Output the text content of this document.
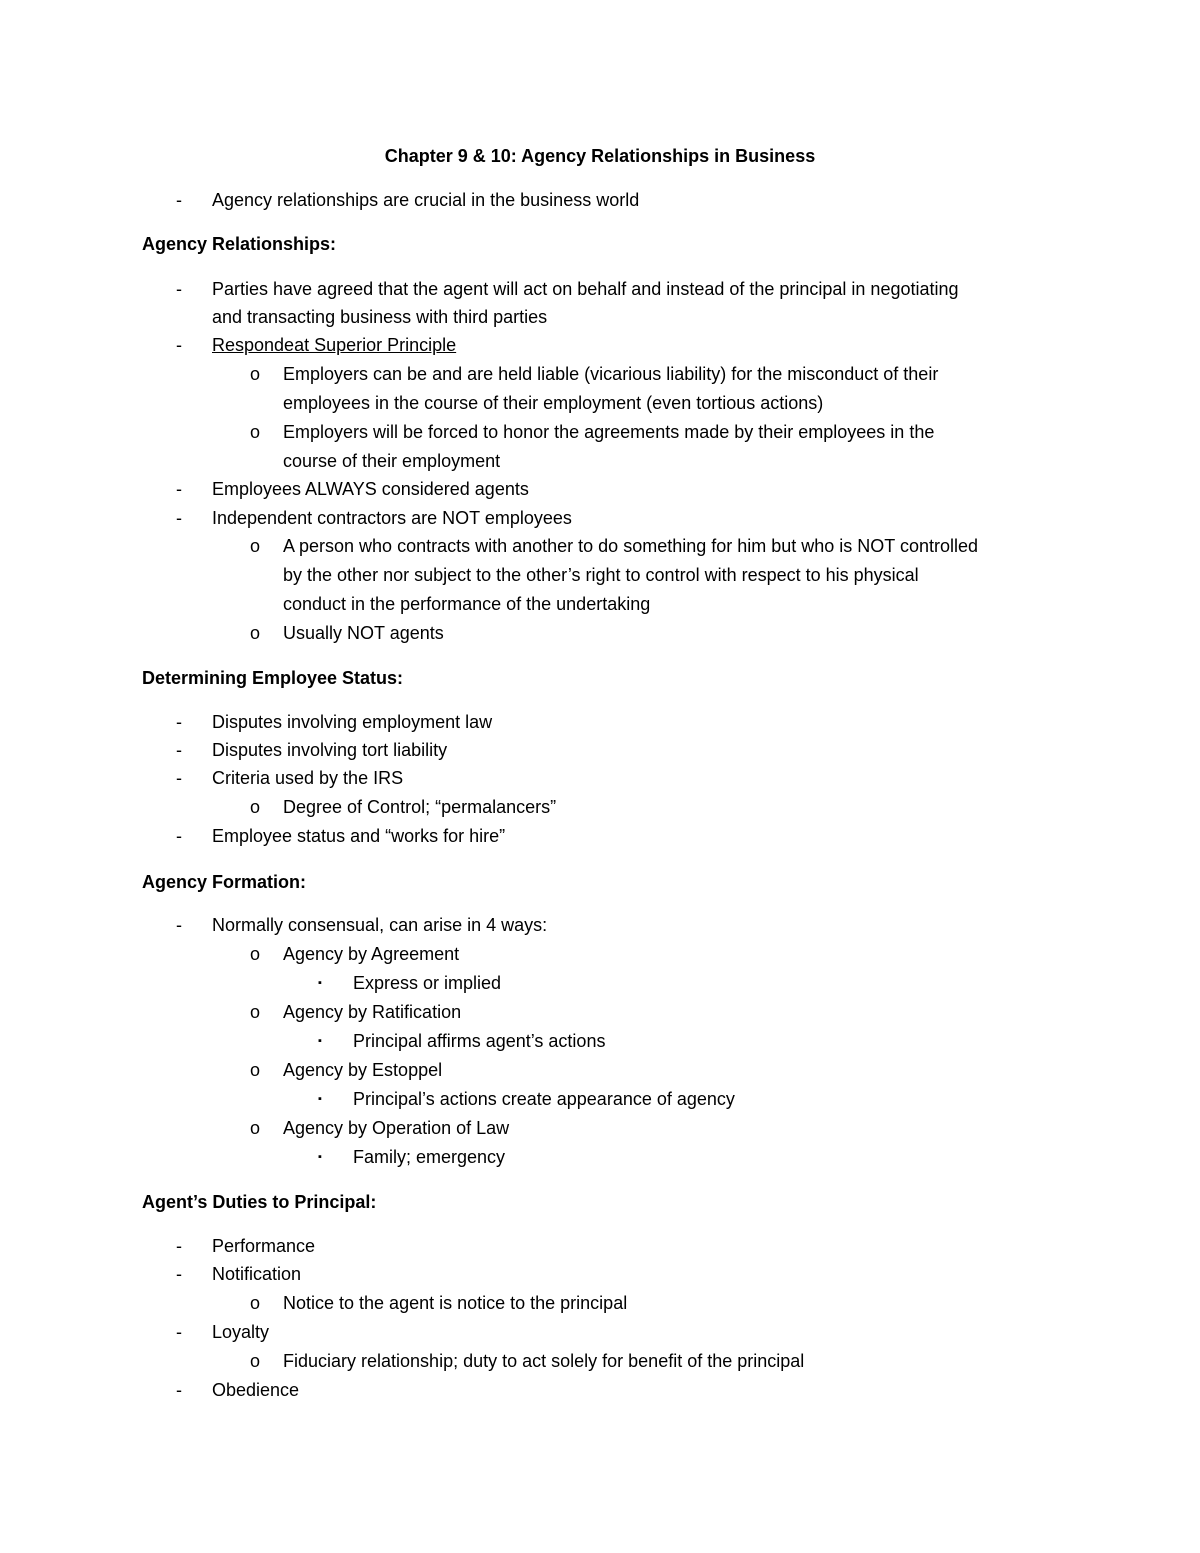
Chapter 9 & 10: Agency Relationships in Business
- Agency relationships are crucial in the business world
Agency Relationships:
- Parties have agreed that the agent will act on behalf and instead of the principal in negotiating
and transacting business with third parties
- Respondeat Superior Principle
o Employers can be and are held liable (vicarious liability) for the misconduct of their
employees in the course of their employment (even tortious actions)
o Employers will be forced to honor the agreements made by their employees in the
course of their employment
- Employees ALWAYS considered agents
- Independent contractors are NOT employees
o A person who contracts with another to do something for him but who is NOT controlled
by the other nor subject to the other’s right to control with respect to his physical
conduct in the performance of the undertaking
o Usually NOT agents
Determining Employee Status:
- Disputes involving employment law
- Disputes involving tort liability
- Criteria used by the IRS
o Degree of Control; “permalancers”
- Employee status and “works for hire”
Agency Formation:
- Normally consensual, can arise in 4 ways:
o Agency by Agreement
▪ Express or implied
o Agency by Ratification
▪ Principal affirms agent’s actions
o Agency by Estoppel
▪ Principal’s actions create appearance of agency
o Agency by Operation of Law
▪ Family; emergency
Agent’s Duties to Principal:
- Performance
- Notification
o Notice to the agent is notice to the principal
- Loyalty
o Fiduciary relationship; duty to act solely for benefit of the principal
- Obedience
